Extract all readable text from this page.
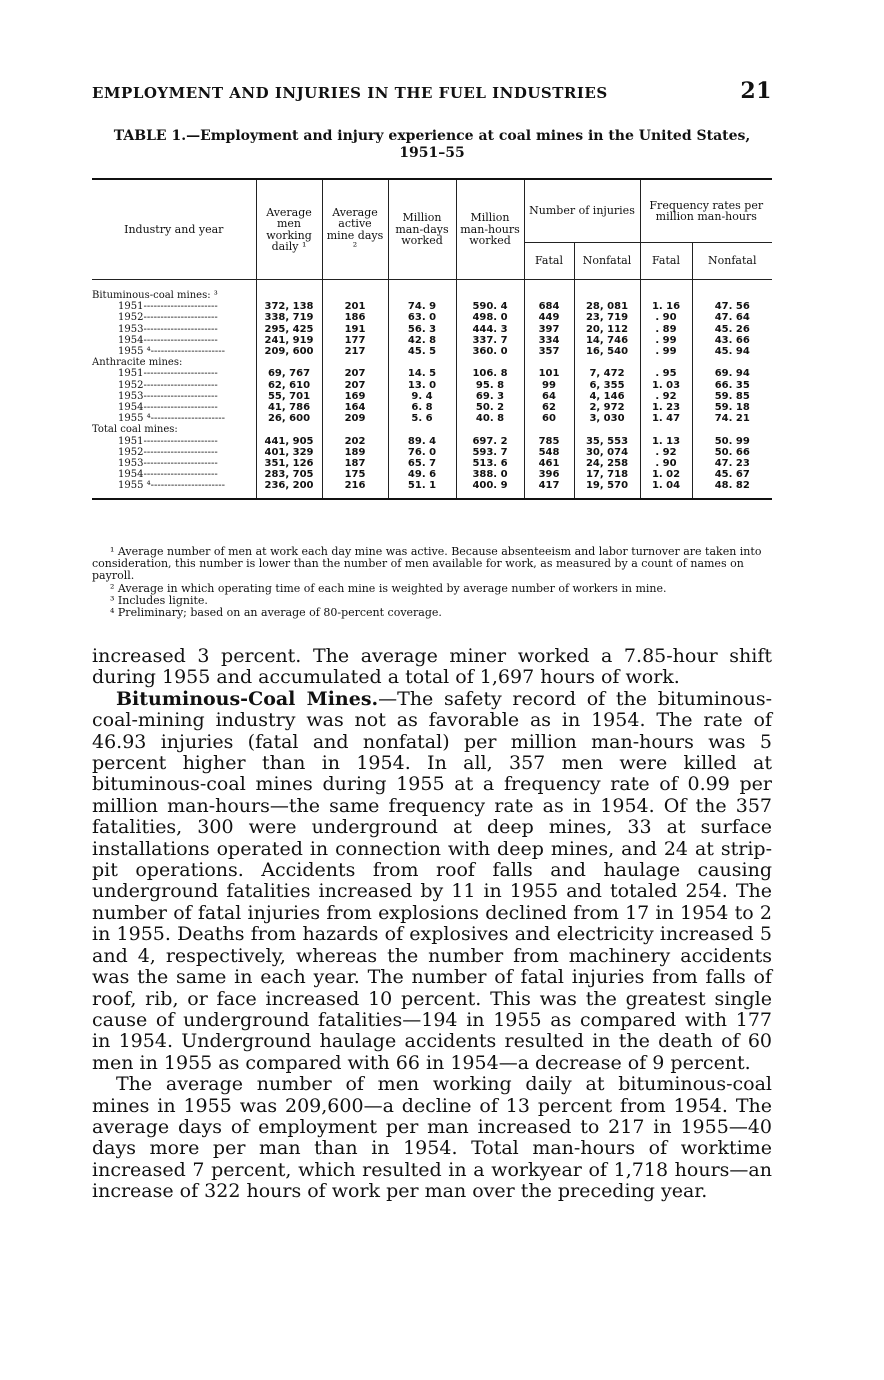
EMPLOYMENT AND INJURIES IN THE FUEL INDUSTRIES	21
TABLE 1.—Employment and injury experience at coal mines in the United States,
1951–55
Industry and year	Average men working daily ¹	Average active mine days ²	Million man-days worked	Million man-hours worked	Number of injuries		Frequency rates per million man-hours	
					Fatal	Nonfatal	Fatal	Nonfatal

Bituminous-coal mines: ³								
1951----------------------	372, 138	201	74. 9	590. 4	684	28, 081	1. 16	47. 56
1952----------------------	338, 719	186	63. 0	498. 0	449	23, 719	. 90	47. 64
1953----------------------	295, 425	191	56. 3	444. 3	397	20, 112	. 89	45. 26
1954----------------------	241, 919	177	42. 8	337. 7	334	14, 746	. 99	43. 66
1955 ⁴----------------------	209, 600	217	45. 5	360. 0	357	16, 540	. 99	45. 94
Anthracite mines:								
1951----------------------	69, 767	207	14. 5	106. 8	101	7, 472	. 95	69. 94
1952----------------------	62, 610	207	13. 0	95. 8	99	6, 355	1. 03	66. 35
1953----------------------	55, 701	169	9. 4	69. 3	64	4, 146	. 92	59. 85
1954----------------------	41, 786	164	6. 8	50. 2	62	2, 972	1. 23	59. 18
1955 ⁴----------------------	26, 600	209	5. 6	40. 8	60	3, 030	1. 47	74. 21
Total coal mines:								
1951----------------------	441, 905	202	89. 4	697. 2	785	35, 553	1. 13	50. 99
1952----------------------	401, 329	189	76. 0	593. 7	548	30, 074	. 92	50. 66
1953----------------------	351, 126	187	65. 7	513. 6	461	24, 258	. 90	47. 23
1954----------------------	283, 705	175	49. 6	388. 0	396	17, 718	1. 02	45. 67
1955 ⁴----------------------	236, 200	216	51. 1	400. 9	417	19, 570	1. 04	48. 82

¹ Average number of men at work each day mine was active. Because absenteeism and labor turnover are taken into consideration, this number is lower than the number of men available for work, as measured by a count of names on payroll.

² Average in which operating time of each mine is weighted by average number of workers in mine.

³ Includes lignite.

⁴ Preliminary; based on an average of 80-percent coverage.

increased 3 percent. The average miner worked a 7.85-hour shift during 1955 and accumulated a total of 1,697 hours of work.

Bituminous-Coal Mines.—The safety record of the bituminous-coal-mining industry was not as favorable as in 1954. The rate of 46.93 injuries (fatal and nonfatal) per million man-hours was 5 percent higher than in 1954. In all, 357 men were killed at bituminous-coal mines during 1955 at a frequency rate of 0.99 per million man-hours—the same frequency rate as in 1954. Of the 357 fatalities, 300 were underground at deep mines, 33 at surface installations operated in connection with deep mines, and 24 at strip-pit operations. Accidents from roof falls and haulage causing underground fatalities increased by 11 in 1955 and totaled 254. The number of fatal injuries from explosions declined from 17 in 1954 to 2 in 1955. Deaths from hazards of explosives and electricity increased 5 and 4, respectively, whereas the number from machinery accidents was the same in each year. The number of fatal injuries from falls of roof, rib, or face increased 10 percent. This was the greatest single cause of underground fatalities—194 in 1955 as compared with 177 in 1954. Underground haulage accidents resulted in the death of 60 men in 1955 as compared with 66 in 1954—a decrease of 9 percent.

The average number of men working daily at bituminous-coal mines in 1955 was 209,600—a decline of 13 percent from 1954. The average days of employment per man increased to 217 in 1955—40 days more per man than in 1954. Total man-hours of worktime increased 7 percent, which resulted in a workyear of 1,718 hours—an increase of 322 hours of work per man over the preceding year.
